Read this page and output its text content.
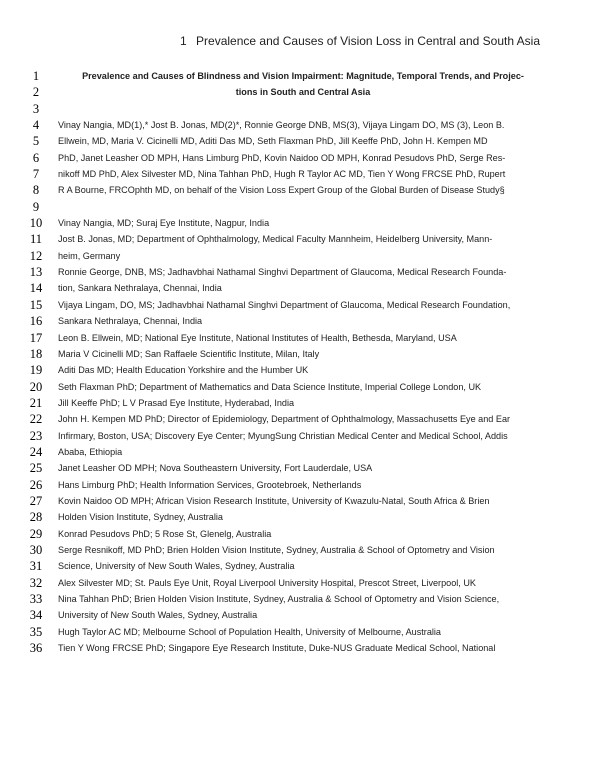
1 Prevalence and Causes of Vision Loss in Central and South Asia
1	Prevalence and Causes of Blindness and Vision Impairment: Magnitude, Temporal Trends, and Projec-
2	tions in South and Central Asia
3
4	Vinay Nangia, MD(1),* Jost B. Jonas, MD(2)*, Ronnie George DNB, MS(3), Vijaya Lingam DO, MS (3), Leon B.
5	Ellwein, MD, Maria V. Cicinelli MD, Aditi Das MD, Seth Flaxman PhD, Jill Keeffe PhD, John H. Kempen MD
6	PhD, Janet Leasher OD MPH, Hans Limburg PhD, Kovin Naidoo OD MPH, Konrad Pesudovs PhD, Serge Res-
7	nikoff MD PhD, Alex Silvester MD, Nina Tahhan PhD, Hugh R Taylor AC MD, Tien Y Wong FRCSE PhD, Rupert
8	R A Bourne, FRCOphth MD, on behalf of the Vision Loss Expert Group of the Global Burden of Disease Study§
9
10	Vinay Nangia, MD; Suraj Eye Institute, Nagpur, India
11	Jost B. Jonas, MD; Department of Ophthalmology, Medical Faculty Mannheim, Heidelberg University, Mann-
12	heim, Germany
13	Ronnie George, DNB, MS; Jadhavbhai Nathamal Singhvi Department of Glaucoma, Medical Research Founda-
14	tion, Sankara Nethralaya, Chennai, India
15	Vijaya Lingam, DO, MS; Jadhavbhai Nathamal Singhvi Department of Glaucoma, Medical Research Foundation,
16	Sankara Nethralaya, Chennai, India
17	Leon B. Ellwein, MD; National Eye Institute, National Institutes of Health, Bethesda, Maryland, USA
18	Maria V Cicinelli MD; San Raffaele Scientific Institute, Milan, Italy
19	Aditi Das MD; Health Education Yorkshire and the Humber UK
20	Seth Flaxman PhD; Department of Mathematics and Data Science Institute, Imperial College London, UK
21	Jill Keeffe PhD; L V Prasad Eye Institute, Hyderabad, India
22	John H. Kempen MD PhD; Director of Epidemiology, Department of Ophthalmology, Massachusetts Eye and Ear
23	Infirmary, Boston, USA; Discovery Eye Center; MyungSung Christian Medical Center and Medical School, Addis
24	Ababa, Ethiopia
25	Janet Leasher OD MPH; Nova Southeastern University, Fort Lauderdale, USA
26	Hans Limburg PhD; Health Information Services, Grootebroek, Netherlands
27	Kovin Naidoo OD MPH; African Vision Research Institute, University of Kwazulu-Natal, South Africa & Brien
28	Holden Vision Institute, Sydney, Australia
29	Konrad Pesudovs PhD; 5 Rose St, Glenelg, Australia
30	Serge Resnikoff, MD PhD; Brien Holden Vision Institute, Sydney, Australia & School of Optometry and Vision
31	Science, University of New South Wales, Sydney, Australia
32	Alex Silvester MD; St. Pauls Eye Unit, Royal Liverpool University Hospital, Prescot Street, Liverpool, UK
33	Nina Tahhan PhD; Brien Holden Vision Institute, Sydney, Australia & School of Optometry and Vision Science,
34	University of New South Wales, Sydney, Australia
35	Hugh Taylor AC MD; Melbourne School of Population Health, University of Melbourne, Australia
36	Tien Y Wong FRCSE PhD; Singapore Eye Research Institute, Duke-NUS Graduate Medical School, National
